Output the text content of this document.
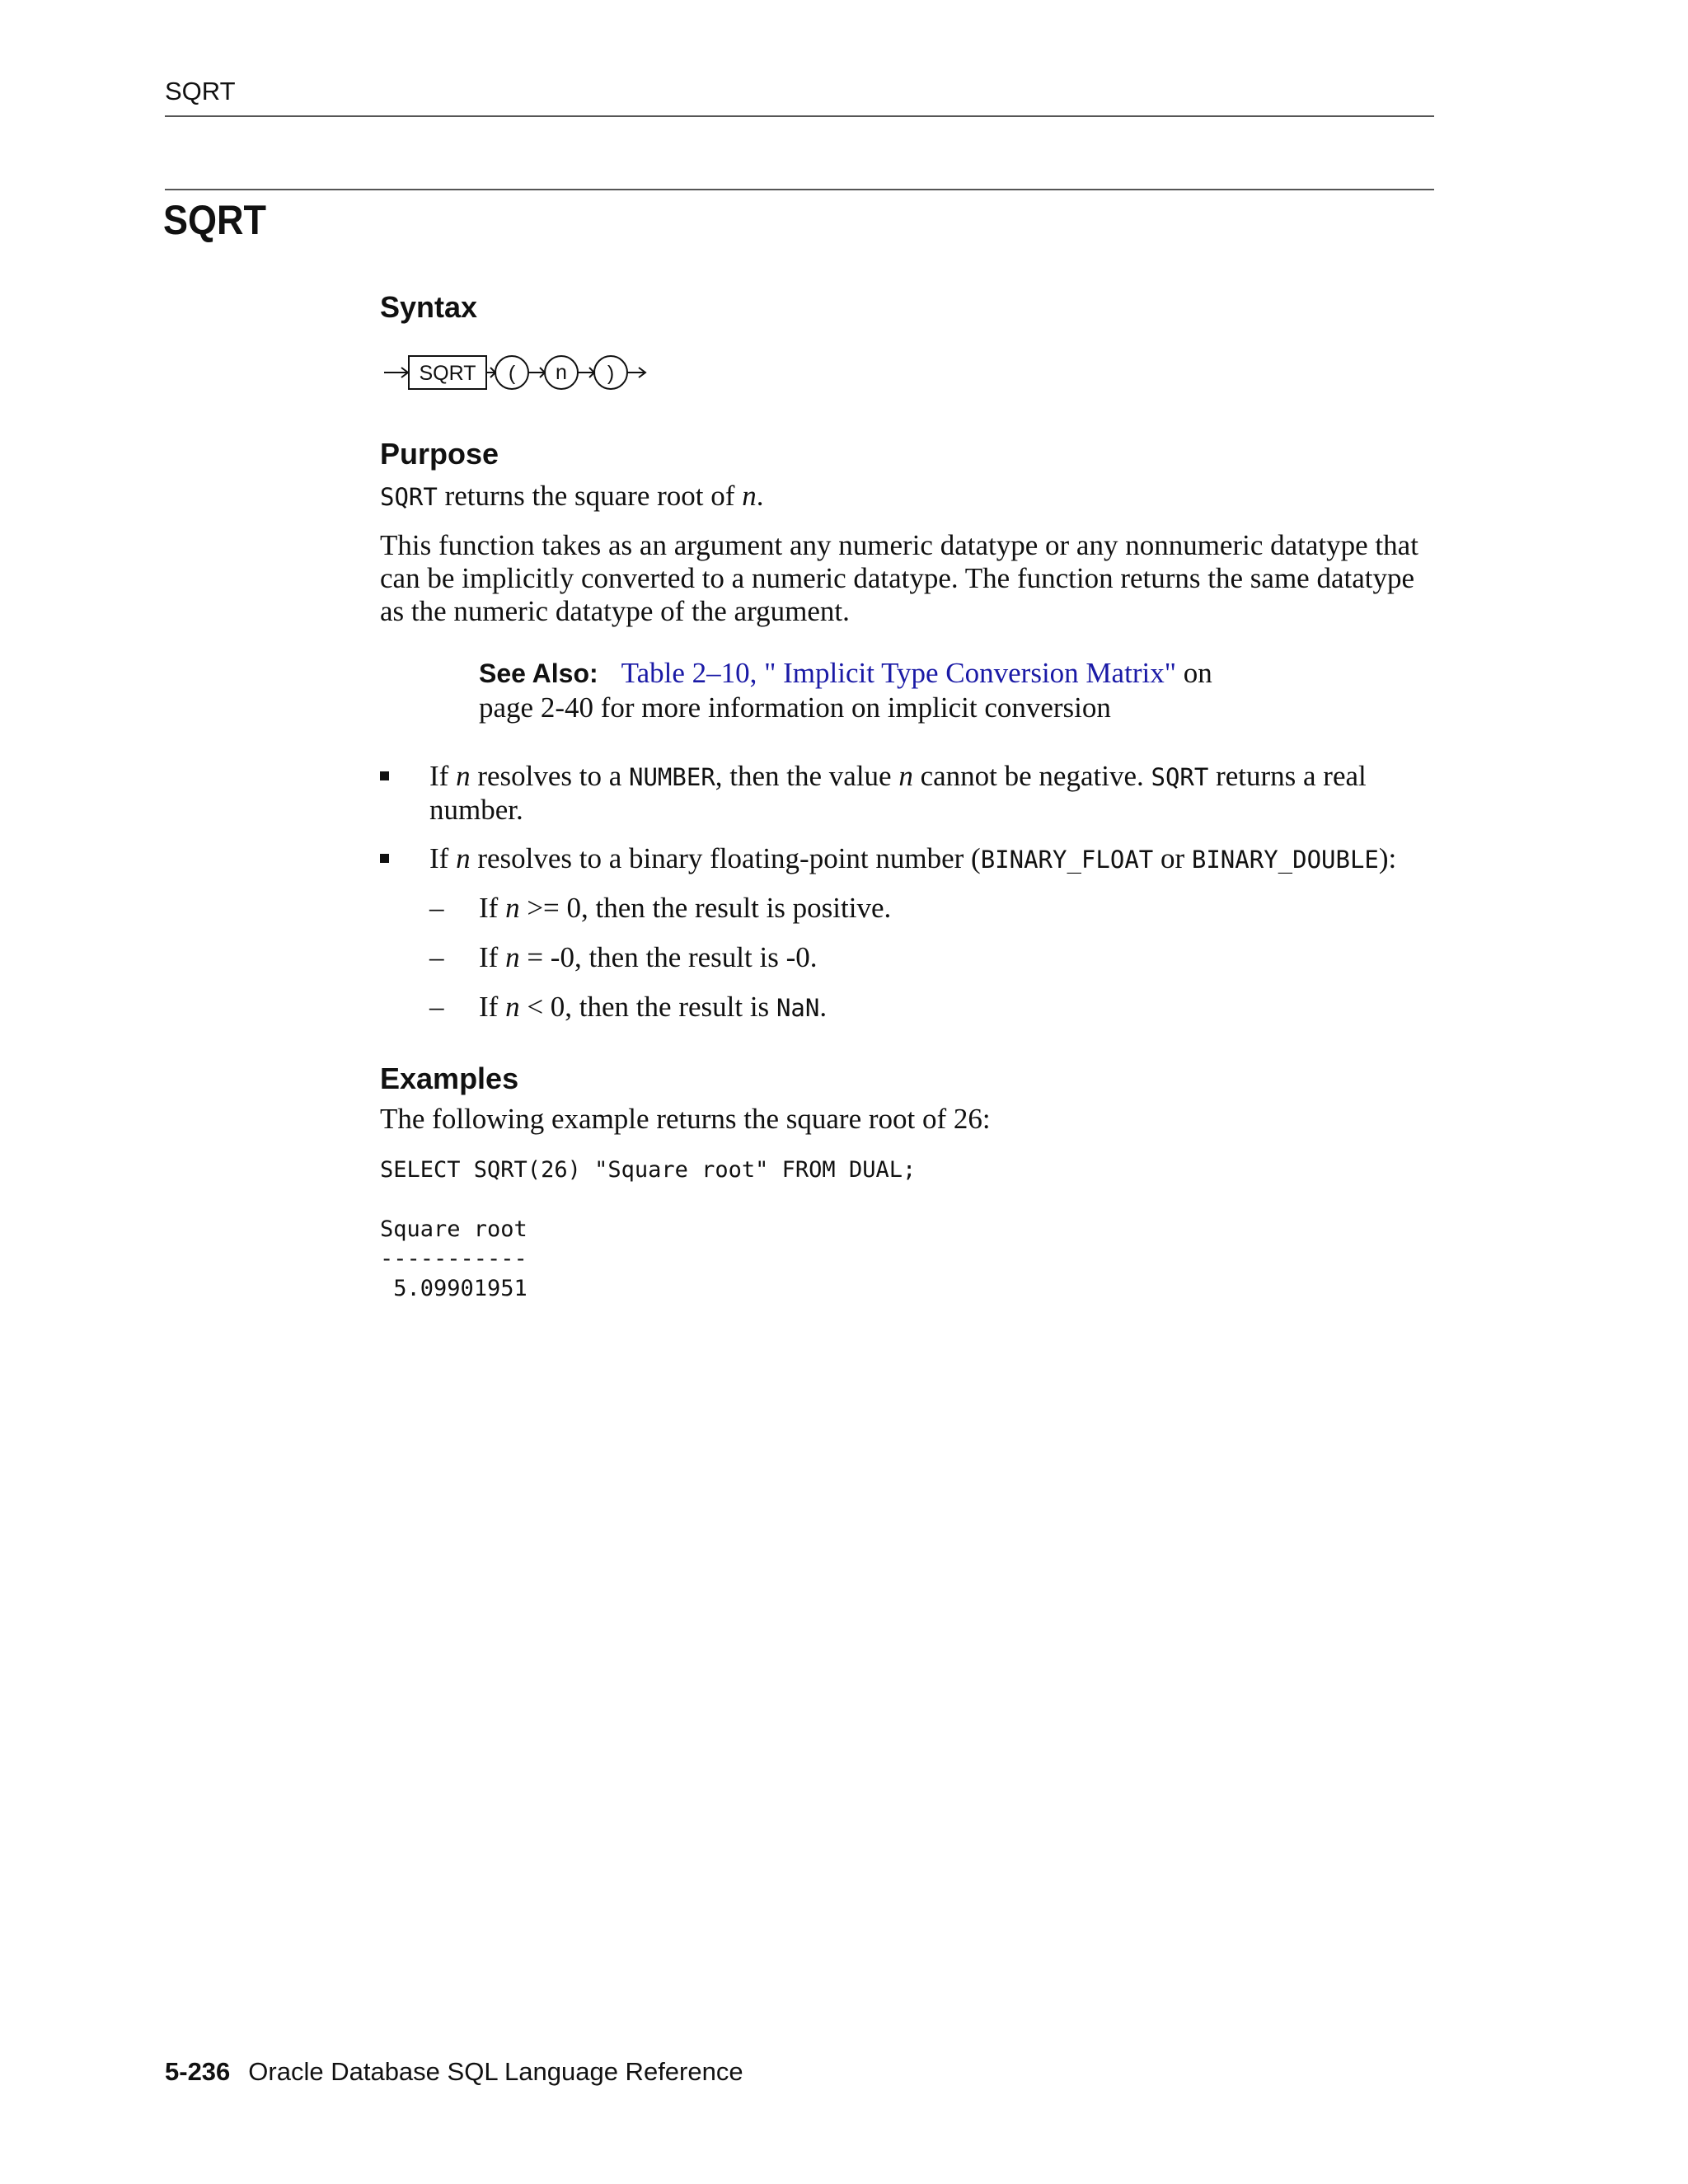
SQRT
SQRT
Syntax
SQRT ( n )
Purpose
SQRT returns the square root of n.
This function takes as an argument any numeric datatype or any nonnumeric datatype that can be implicitly converted to a numeric datatype. The function returns the same datatype as the numeric datatype of the argument.
See Also: Table 2–10, " Implicit Type Conversion Matrix" on
page 2-40 for more information on implicit conversion
If n resolves to a NUMBER, then the value n cannot be negative. SQRT returns a real number.
If n resolves to a binary floating-point number (BINARY_FLOAT or BINARY_DOUBLE):
– If n >= 0, then the result is positive.
– If n = -0, then the result is -0.
– If n < 0, then the result is NaN.
Examples
The following example returns the square root of 26:
SELECT SQRT(26) "Square root" FROM DUAL;

Square root
-----------
5.09901951
5-236 Oracle Database SQL Language Reference
